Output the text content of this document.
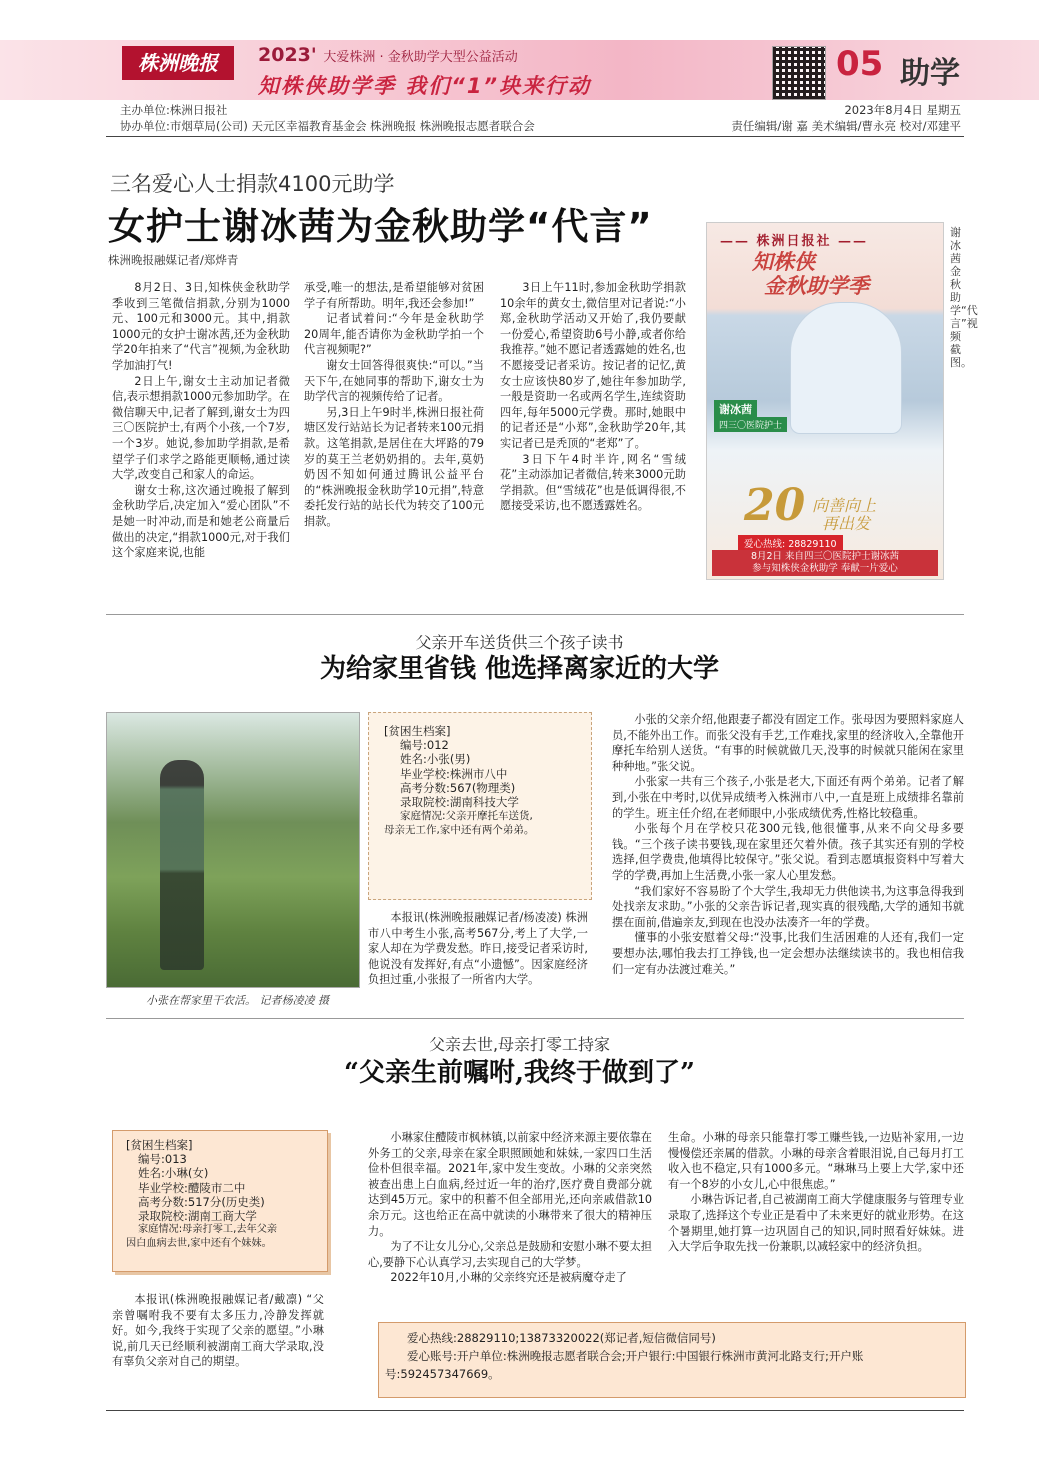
株洲晚报	2023' 大爱株洲 · 金秋助学大型公益活动
知株侠助学季 我们“1”块来行动
05 助学
主办单位:株洲日报社
协办单位:市烟草局(公司) 天元区幸福教育基金会 株洲晚报 株洲晚报志愿者联合会
2023年8月4日 星期五
责任编辑/谢 嘉 美术编辑/曹永亮 校对/邓建平
三名爱心人士捐款4100元助学
女护士谢冰茜为金秋助学“代言”
株洲晚报融媒记者/郑烨青

8月2日、3日,知株侠金秋助学季收到三笔微信捐款,分别为1000元、100元和3000元。其中,捐款1000元的女护士谢冰茜,还为金秋助学20年拍来了“代言”视频,为金秋助学加油打气!

2日上午,谢女士主动加记者微信,表示想捐款1000元参加助学。在微信聊天中,记者了解到,谢女士为四三〇医院护士,有两个小孩,一个7岁,一个3岁。她说,参加助学捐款,是希望学子们求学之路能更顺畅,通过读大学,改变自己和家人的命运。

谢女士称,这次通过晚报了解到金秋助学后,决定加入“爱心团队”不是她一时冲动,而是和她老公商量后做出的决定,“捐款1000元,对于我们这个家庭来说,也能

承受,唯一的想法,是希望能够对贫困学子有所帮助。明年,我还会参加!”

记者试着问:“今年是金秋助学20周年,能否请你为金秋助学拍一个代言视频呢?”

谢女士回答得很爽快:“可以。”当天下午,在她同事的帮助下,谢女士为助学代言的视频传给了记者。

另,3日上午9时半,株洲日报社荷塘区发行站站长为记者转来100元捐款。这笔捐款,是居住在大坪路的79岁的莫王兰老奶奶捐的。去年,莫奶奶因不知如何通过腾讯公益平台的“株洲晚报金秋助学10元捐”,特意委托发行站的站长代为转交了100元捐款。

3日上午11时,参加金秋助学捐款10余年的黄女士,微信里对记者说:“小郑,金秋助学活动又开始了,我仍要献一份爱心,希望资助6号小静,或者你给我推荐。”她不愿记者透露她的姓名,也不愿接受记者采访。按记者的记忆,黄女士应该快80岁了,她往年参加助学,一般是资助一名或两名学生,连续资助四年,每年5000元学费。那时,她眼中的记者还是“小郑”,金秋助学20年,其实记者已是秃顶的“老郑”了。

3日下午4时半许,网名“雪绒花”主动添加记者微信,转来3000元助学捐款。但“雪绒花”也是低调得很,不愿接受采访,也不愿透露姓名。

—— 株洲日报社 ——
知株侠
金秋助学季
谢冰茜
四三〇医院护士
20 向善向上
再出发
爱心热线: 28829110
8月2日 来自四三〇医院护士谢冰茜
参与知株侠金秋助学 奉献一片爱心
谢冰茜金秋助学“代言”视频截图。
父亲开车送货供三个孩子读书
为给家里省钱 他选择离家近的大学
小张在帮家里干农活。 记者杨凌凌 摄
[贫困生档案]
编号:012
姓名:小张(男)
毕业学校:株洲市八中
高考分数:567(物理类)
录取院校:湖南科技大学
家庭情况:父亲开摩托车送货,
母亲无工作,家中还有两个弟弟。

本报讯(株洲晚报融媒记者/杨凌凌) 株洲市八中考生小张,高考567分,考上了大学,一家人却在为学费发愁。昨日,接受记者采访时,他说没有发挥好,有点“小遗憾”。因家庭经济负担过重,小张报了一所省内大学。

小张的父亲介绍,他跟妻子都没有固定工作。张母因为要照料家庭人员,不能外出工作。而张父没有手艺,工作难找,家里的经济收入,全靠他开摩托车给别人送货。“有事的时候就做几天,没事的时候就只能闲在家里种种地。”张父说。

小张家一共有三个孩子,小张是老大,下面还有两个弟弟。记者了解到,小张在中考时,以优异成绩考入株洲市八中,一直是班上成绩排名靠前的学生。班主任介绍,在老师眼中,小张成绩优秀,性格比较稳重。

小张每个月在学校只花300元钱,他很懂事,从来不向父母多要钱。“三个孩子读书要钱,现在家里还欠着外债。孩子其实还有别的学校选择,但学费贵,他填得比较保守。”张父说。看到志愿填报资料中写着大学的学费,再加上生活费,小张一家人心里发愁。

“我们家好不容易盼了个大学生,我却无力供他读书,为这事急得我到处找亲友求助。”小张的父亲告诉记者,现实真的很残酷,大学的通知书就摆在面前,借遍亲友,到现在也没办法凑齐一年的学费。

懂事的小张安慰着父母:“没事,比我们生活困难的人还有,我们一定要想办法,哪怕我去打工挣钱,也一定会想办法继续读书的。我也相信我们一定有办法渡过难关。”

父亲去世,母亲打零工持家
“父亲生前嘱咐,我终于做到了”
[贫困生档案]
编号:013
姓名:小琳(女)
毕业学校:醴陵市二中
高考分数:517分(历史类)
录取院校:湖南工商大学
家庭情况:母亲打零工,去年父亲
因白血病去世,家中还有个妹妹。

本报讯(株洲晚报融媒记者/戴凛) “父亲曾嘱咐我不要有太多压力,冷静发挥就好。如今,我终于实现了父亲的愿望。”小琳说,前几天已经顺利被湖南工商大学录取,没有辜负父亲对自己的期望。

小琳家住醴陵市枫林镇,以前家中经济来源主要依靠在外务工的父亲,母亲在家全职照顾她和妹妹,一家四口生活俭朴但很幸福。2021年,家中发生变故。小琳的父亲突然被查出患上白血病,经过近一年的治疗,医疗费自费部分就达到45万元。家中的积蓄不但全部用光,还向亲戚借款10余万元。这也给正在高中就读的小琳带来了很大的精神压力。

为了不让女儿分心,父亲总是鼓励和安慰小琳不要太担心,要静下心认真学习,去实现自己的大学梦。

2022年10月,小琳的父亲终究还是被病魔夺走了

生命。小琳的母亲只能靠打零工赚些钱,一边贴补家用,一边慢慢偿还亲属的借款。小琳的母亲含着眼泪说,自己每月打工收入也不稳定,只有1000多元。“琳琳马上要上大学,家中还有一个8岁的小女儿,心中很焦虑。”

小琳告诉记者,自己被湖南工商大学健康服务与管理专业录取了,选择这个专业正是看中了未来更好的就业形势。在这个暑期里,她打算一边巩固自己的知识,同时照看好妹妹。进入大学后争取先找一份兼职,以减轻家中的经济负担。

爱心热线:28829110;13873320022(郑记者,短信微信同号)
爱心账号:开户单位:株洲晚报志愿者联合会;开户银行:中国银行株洲市黄河北路支行;开户账号:592457347669。
